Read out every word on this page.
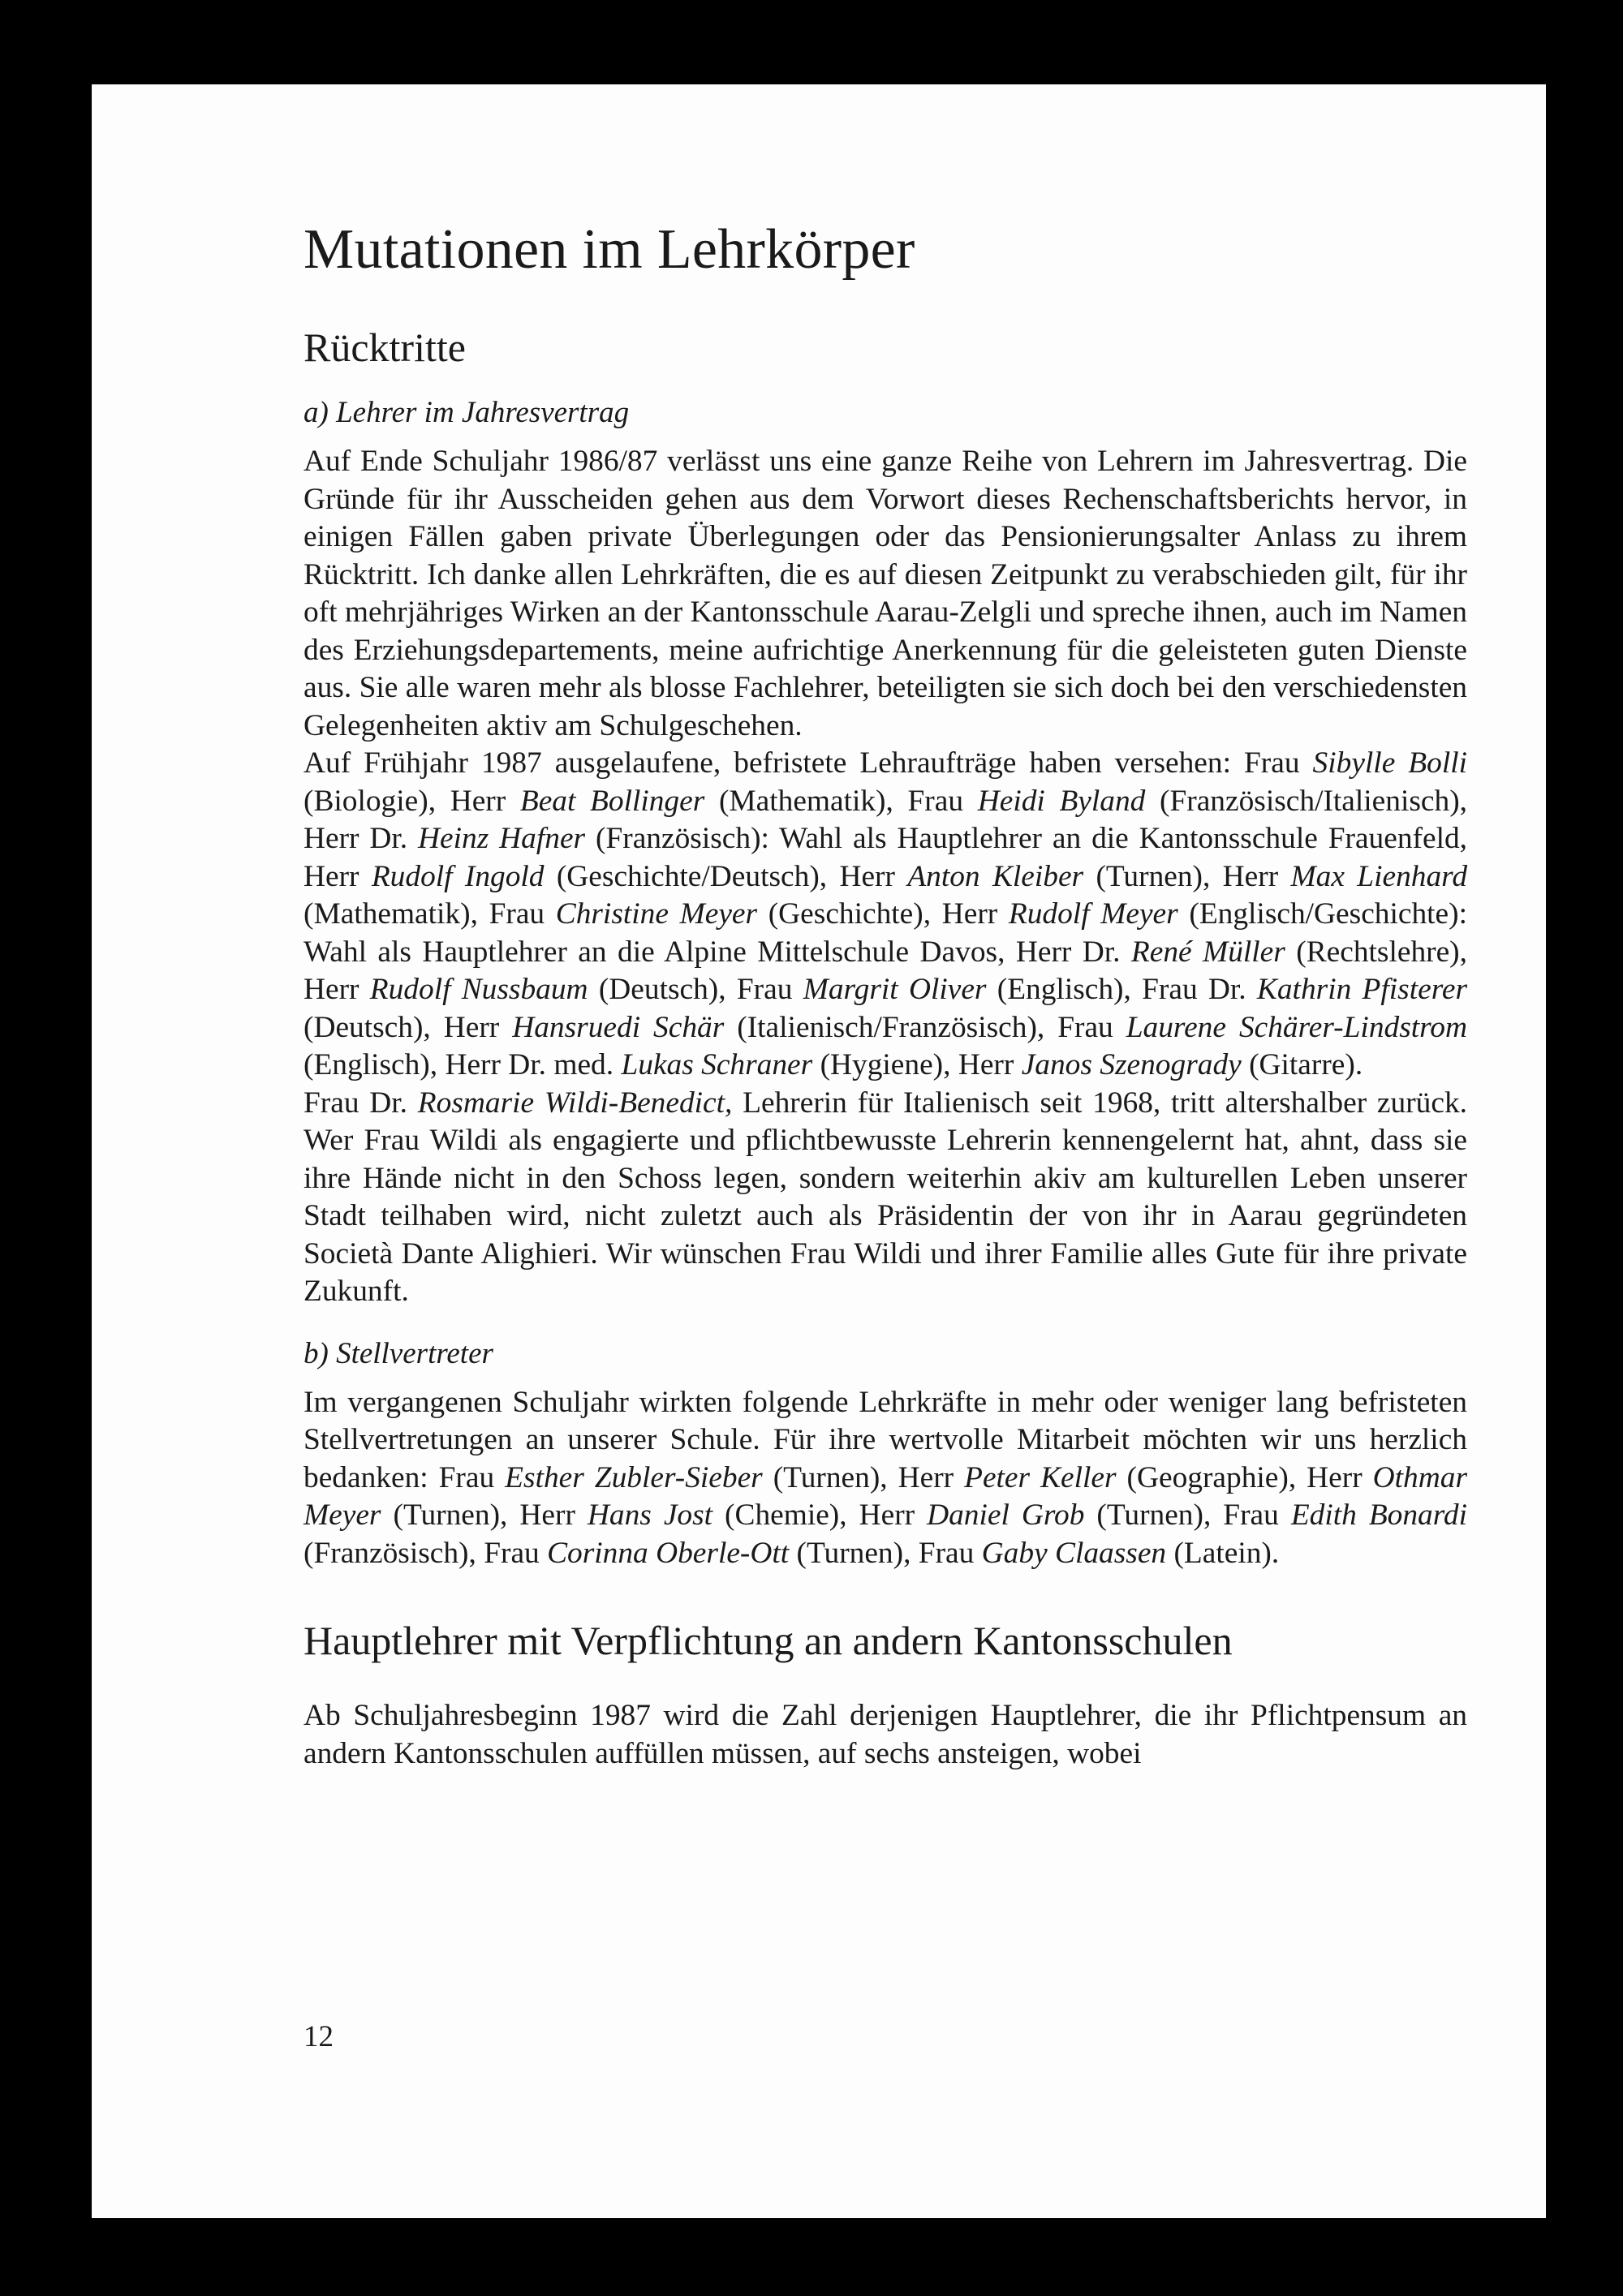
Mutationen im Lehrkörper
Rücktritte
a) Lehrer im Jahresvertrag

Auf Ende Schuljahr 1986/87 verlässt uns eine ganze Reihe von Lehrern im Jahresvertrag. Die Gründe für ihr Ausscheiden gehen aus dem Vorwort dieses Rechenschaftsberichts hervor, in einigen Fällen gaben private Überlegungen oder das Pensionierungsalter Anlass zu ihrem Rücktritt. Ich danke allen Lehrkräften, die es auf diesen Zeitpunkt zu verabschieden gilt, für ihr oft mehrjähriges Wirken an der Kantonsschule Aarau-Zelgli und spreche ihnen, auch im Namen des Erziehungsdepartements, meine aufrichtige Anerkennung für die geleisteten guten Dienste aus. Sie alle waren mehr als blosse Fachlehrer, beteiligten sie sich doch bei den verschiedensten Gelegenheiten aktiv am Schulgeschehen.

Auf Frühjahr 1987 ausgelaufene, befristete Lehraufträge haben versehen: Frau Sibylle Bolli (Biologie), Herr Beat Bollinger (Mathematik), Frau Heidi Byland (Französisch/Italienisch), Herr Dr. Heinz Hafner (Französisch): Wahl als Hauptlehrer an die Kantonsschule Frauenfeld, Herr Rudolf Ingold (Geschichte/Deutsch), Herr Anton Kleiber (Turnen), Herr Max Lienhard (Mathematik), Frau Christine Meyer (Geschichte), Herr Rudolf Meyer (Englisch/Geschichte): Wahl als Hauptlehrer an die Alpine Mittelschule Davos, Herr Dr. René Müller (Rechtslehre), Herr Rudolf Nussbaum (Deutsch), Frau Margrit Oliver (Englisch), Frau Dr. Kathrin Pfisterer (Deutsch), Herr Hansruedi Schär (Italienisch/Französisch), Frau Laurene Schärer-Lindstrom (Englisch), Herr Dr. med. Lukas Schraner (Hygiene), Herr Janos Szenogrady (Gitarre).

Frau Dr. Rosmarie Wildi-Benedict, Lehrerin für Italienisch seit 1968, tritt altershalber zurück. Wer Frau Wildi als engagierte und pflichtbewusste Lehrerin kennengelernt hat, ahnt, dass sie ihre Hände nicht in den Schoss legen, sondern weiterhin akiv am kulturellen Leben unserer Stadt teilhaben wird, nicht zuletzt auch als Präsidentin der von ihr in Aarau gegründeten Società Dante Alighieri. Wir wünschen Frau Wildi und ihrer Familie alles Gute für ihre private Zukunft.

b) Stellvertreter

Im vergangenen Schuljahr wirkten folgende Lehrkräfte in mehr oder weniger lang befristeten Stellvertretungen an unserer Schule. Für ihre wertvolle Mitarbeit möchten wir uns herzlich bedanken: Frau Esther Zubler-Sieber (Turnen), Herr Peter Keller (Geographie), Herr Othmar Meyer (Turnen), Herr Hans Jost (Chemie), Herr Daniel Grob (Turnen), Frau Edith Bonardi (Französisch), Frau Corinna Oberle-Ott (Turnen), Frau Gaby Claassen (Latein).

Hauptlehrer mit Verpflichtung an andern Kantonsschulen

Ab Schuljahresbeginn 1987 wird die Zahl derjenigen Hauptlehrer, die ihr Pflichtpensum an andern Kantonsschulen auffüllen müssen, auf sechs ansteigen, wobei

12
